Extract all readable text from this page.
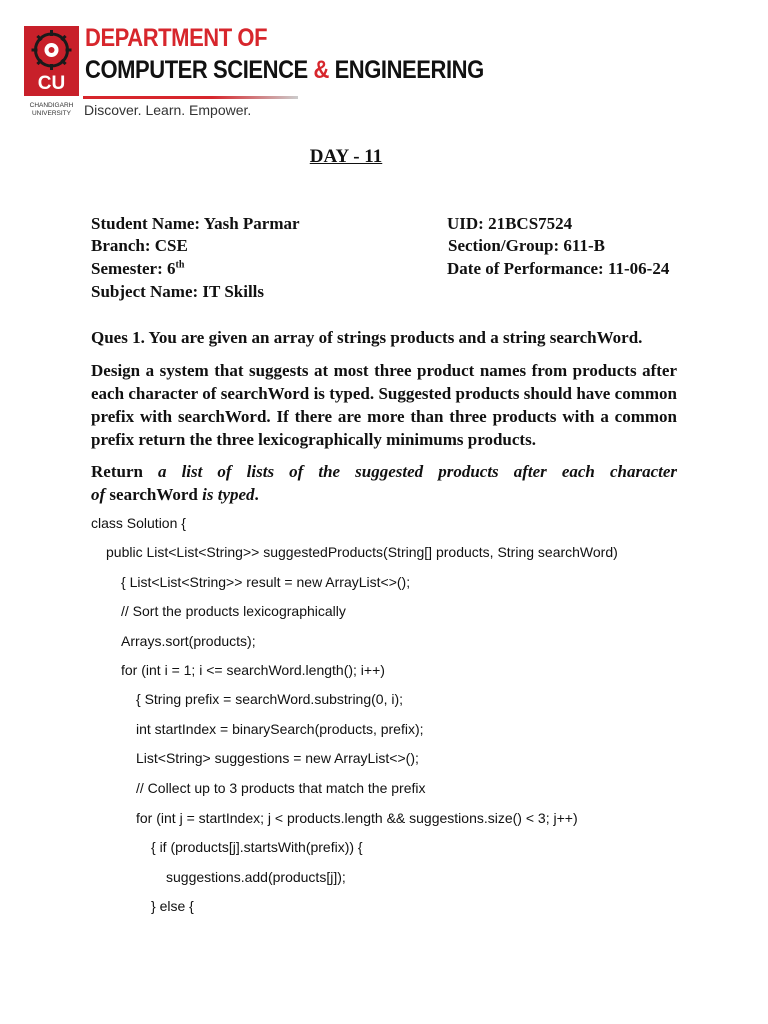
CU
CHANDIGARH
UNIVERSITY
DEPARTMENT OF
COMPUTER SCIENCE & ENGINEERING
Discover. Learn. Empower.
DAY - 11
Student Name: Yash Parmar	UID: 21BCS7524
Branch: CSE	Section/Group: 611-B
Semester: 6th	Date of Performance: 11-06-24
Subject Name: IT Skills
Ques 1. You are given an array of strings products and a string searchWord.
Design a system that suggests at most three product names from products after each character of searchWord is typed. Suggested products should have common prefix with searchWord. If there are more than three products with a common prefix return the three lexicographically minimums products.
Return a list of lists of the suggested products after each character
of searchWord is typed.
class Solution {
public List<List<String>> suggestedProducts(String[] products, String searchWord)
{ List<List<String>> result = new ArrayList<>();
// Sort the products lexicographically
Arrays.sort(products);
for (int i = 1; i <= searchWord.length(); i++)
{ String prefix = searchWord.substring(0, i);
int startIndex = binarySearch(products, prefix);
List<String> suggestions = new ArrayList<>();
// Collect up to 3 products that match the prefix
for (int j = startIndex; j < products.length && suggestions.size() < 3; j++)
{ if (products[j].startsWith(prefix)) {
suggestions.add(products[j]);
} else {
